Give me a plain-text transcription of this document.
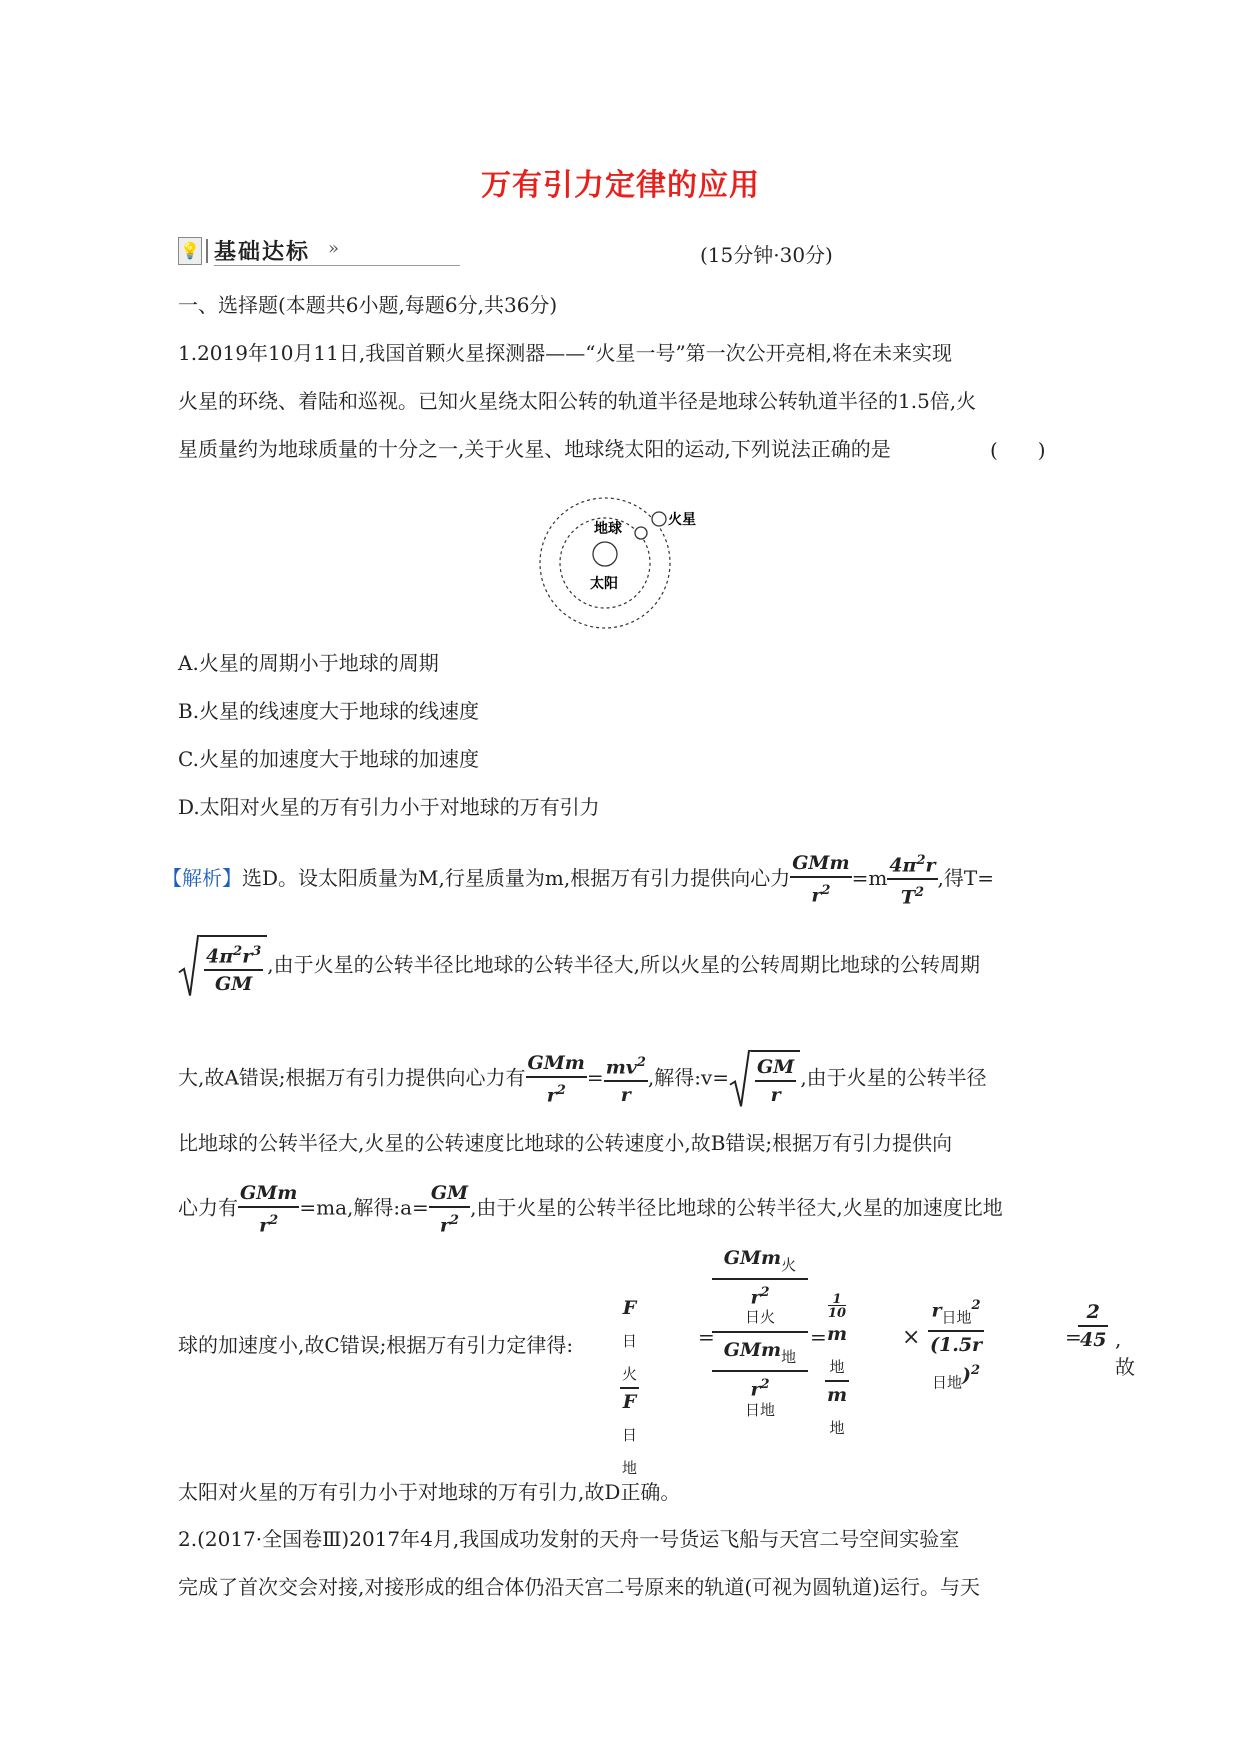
万有引力定律的应用
💡 基础达标 »	(15分钟·30分)
一、选择题(本题共6小题,每题6分,共36分)
1.2019年10月11日,我国首颗火星探测器——“火星一号”第一次公开亮相,将在未来实现
火星的环绕、着陆和巡视。已知火星绕太阳公转的轨道半径是地球公转轨道半径的1.5倍,火
星质量约为地球质量的十分之一,关于火星、地球绕太阳的运动,下列说法正确的是	(　　)
地球
火星
太阳
A.火星的周期小于地球的周期
B.火星的线速度大于地球的线速度
C.火星的加速度大于地球的加速度
D.太阳对火星的万有引力小于对地球的万有引力
【解析】选D。设太阳质量为M,行星质量为m,根据万有引力提供向心力
GMm
$r^2$
$=m \frac{4\pi^2r}{T^2}$ ,得T=
$\frac{4\pi^2r^3}{GM}$ ,由于火星的公转半径比地球的公转半径大,所以火星的公转周期比地球的公转周期
大,故A错误;根据万有引力提供向心力有
GMm
$r^2$
= $\frac{mv^2}{r}$ ,解得:v= $\frac{GM}{r}$ ,由于火星的公转半径
比地球的公转半径大,火星的公转速度比地球的公转速度小,故B错误;根据万有引力提供向
心力有
GMm
$r^2$
=ma,解得:a= $\frac{GM}{r^2}$ ,由于火星的公转半径比地球的公转半径大,火星的加速度比地
球的加速度小,故C错误;根据万有引力定律得:
$F_{日火}$
$F_{日地}$
=
GMm$_火$
$r^2$
日火
GMm$_地$
$r^2$
日地
=
$\frac{1}{10}m_地$
$m_地$
×
$r_{日地}^2$
$(1.5r_{日地})^2$
=
2
45 ,故
太阳对火星的万有引力小于对地球的万有引力,故D正确。
2.(2017·全国卷Ⅲ)2017年4月,我国成功发射的天舟一号货运飞船与天宫二号空间实验室
完成了首次交会对接,对接形成的组合体仍沿天宫二号原来的轨道(可视为圆轨道)运行。与天
